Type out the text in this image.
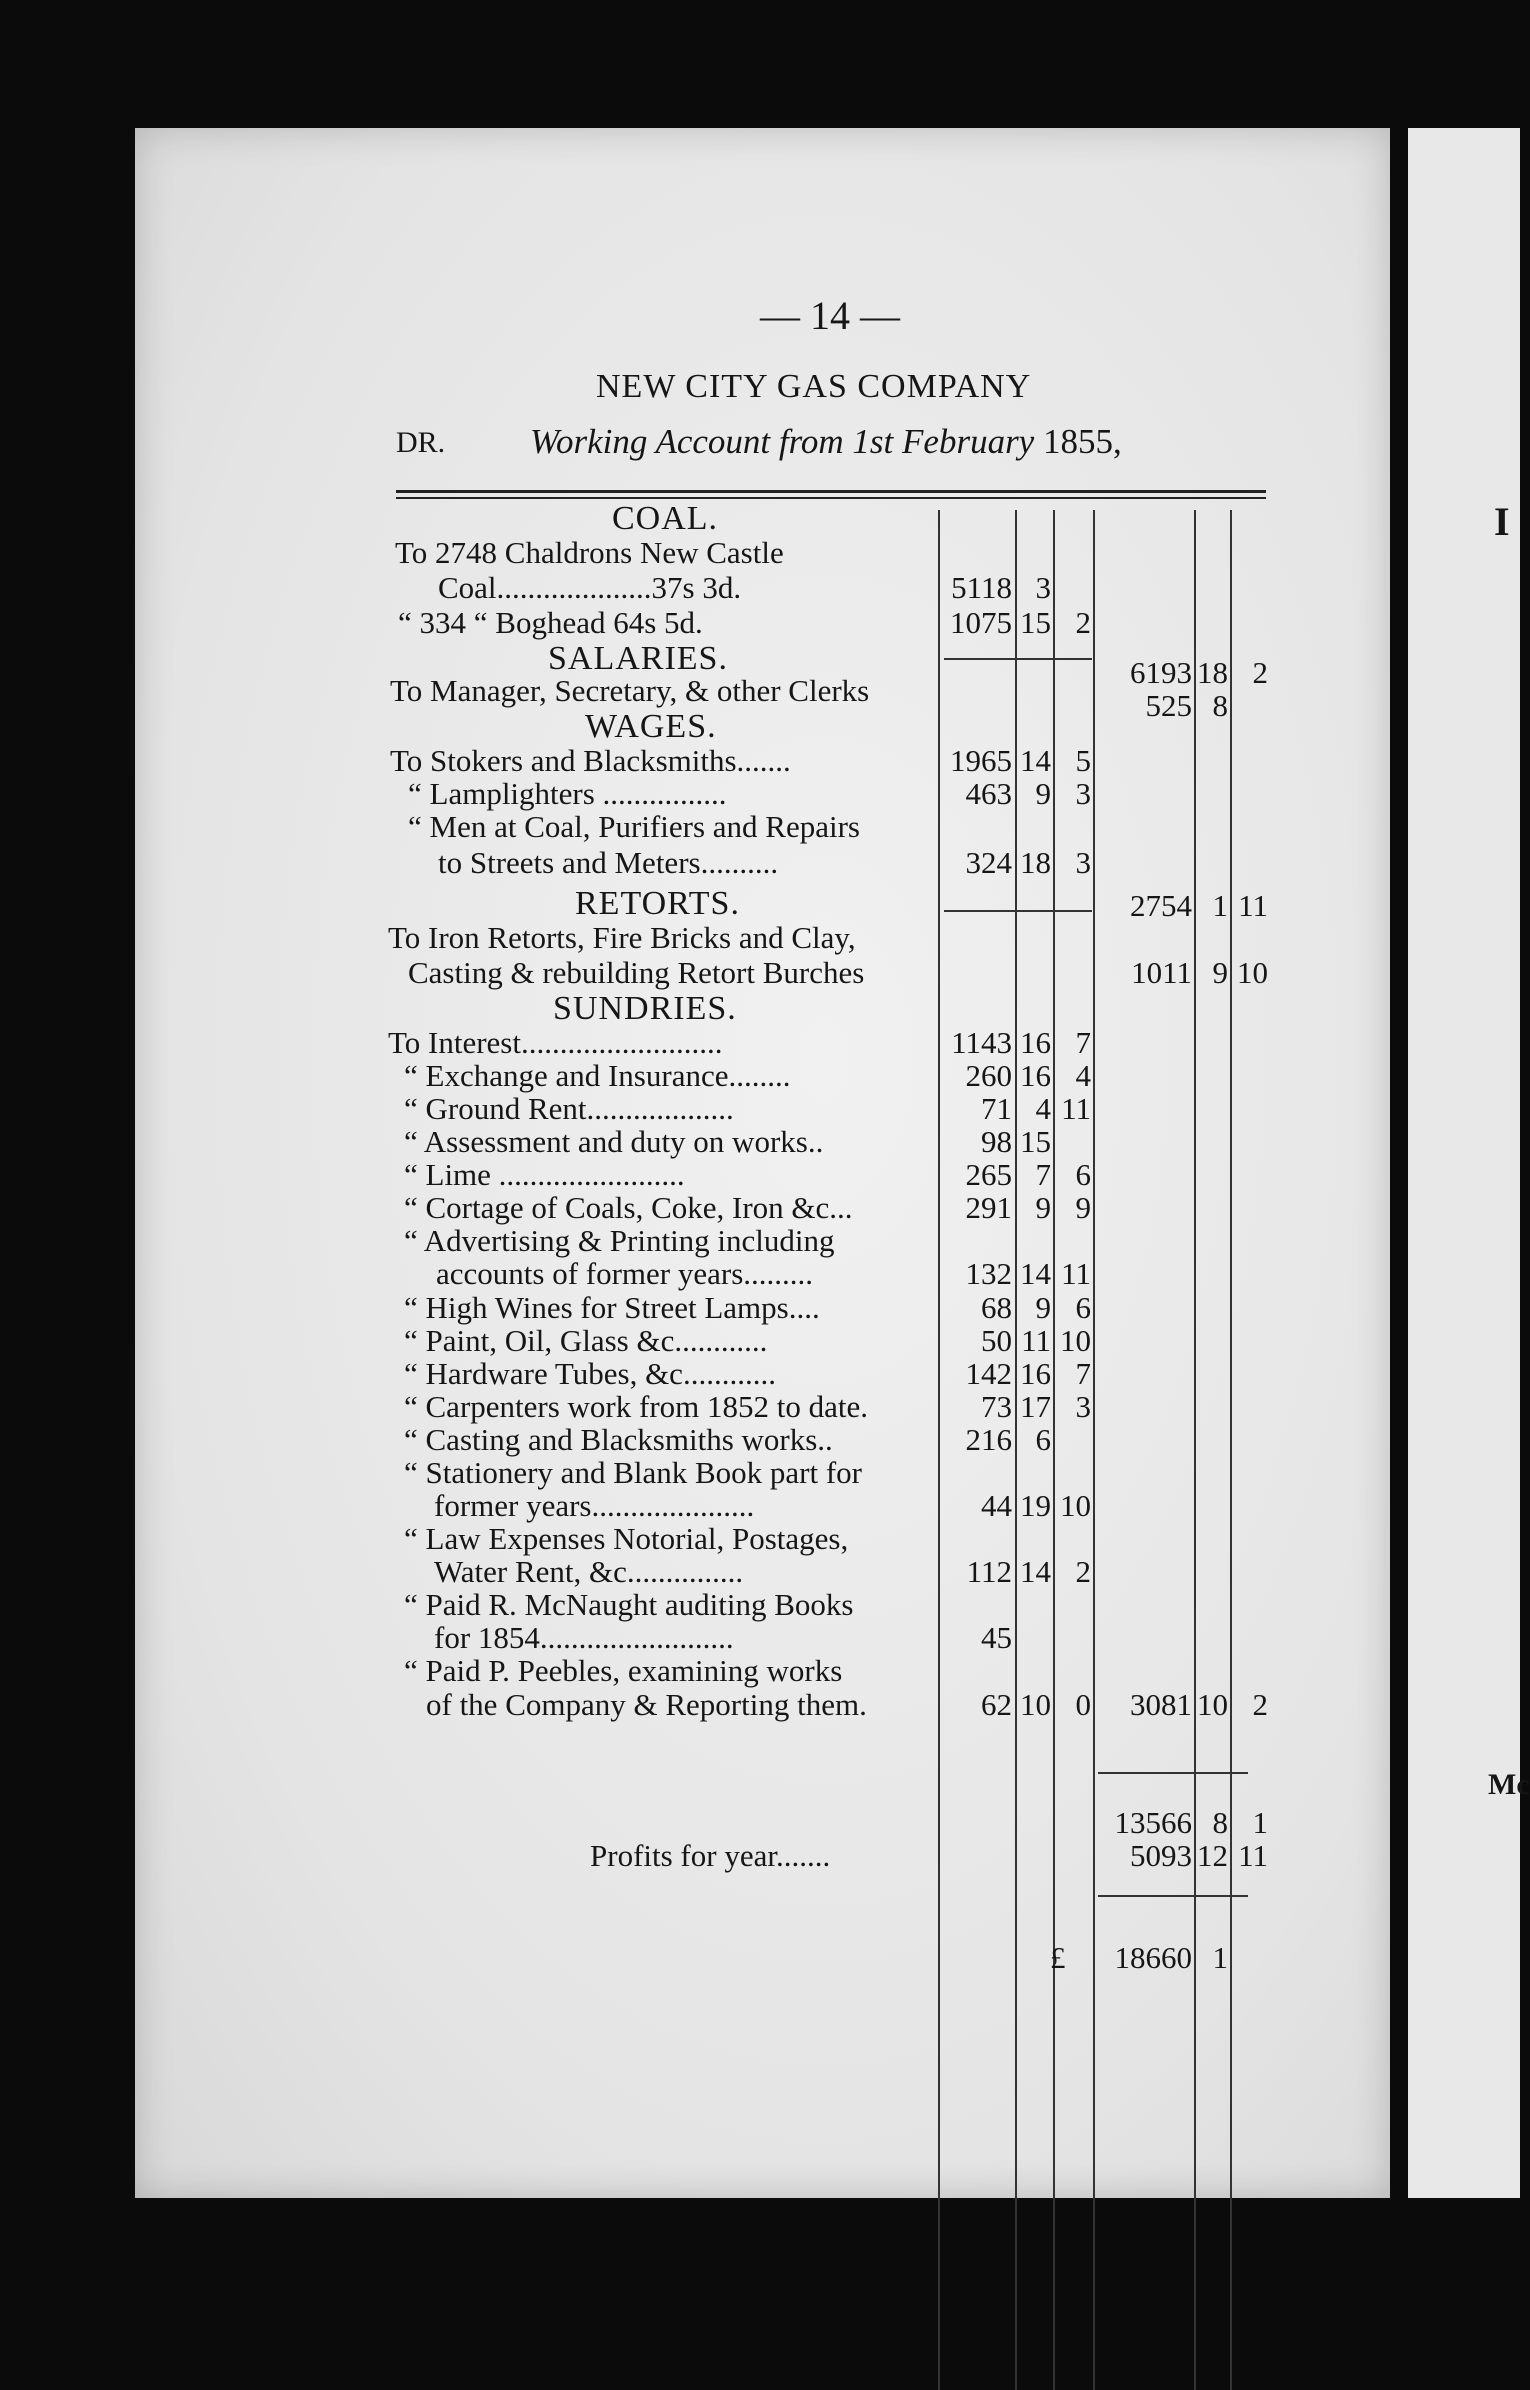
I
Mc
— 14 —
NEW CITY GAS COMPANY
DR. Working Account from 1st February 1855,
COAL.
SALARIES.
WAGES.
RETORTS.
SUNDRIES.
To 2748 Chaldrons New Castle
Coal....................37s 3d.
“ 334 “ Boghead 64s 5d.
To Manager, Secretary, & other Clerks
To Stokers and Blacksmiths.......
“ Lamplighters ................
“ Men at Coal, Purifiers and Repairs
to Streets and Meters..........
To Iron Retorts, Fire Bricks and Clay,
Casting & rebuilding Retort Burches
To Interest..........................
“ Exchange and Insurance........
“ Ground Rent...................
“ Assessment and duty on works..
“ Lime ........................
“ Cortage of Coals, Coke, Iron &c...
“ Advertising & Printing including
accounts of former years.........
“ High Wines for Street Lamps....
“ Paint, Oil, Glass &c............
“ Hardware Tubes, &c............
“ Carpenters work from 1852 to date.
“ Casting and Blacksmiths works..
“ Stationery and Blank Book part for
former years.....................
“ Law Expenses Notorial, Postages,
Water Rent, &c...............
“ Paid R. McNaught auditing Books
for 1854.........................
“ Paid P. Peebles, examining works
of the Company & Reporting them.
Profits for year.......
5118 3
1075 15 2
6193 18 2
525 8
1965 14 5
463 9 3
324 18 3
2754 1 11
1011 9 10
1143 16 7
260 16 4
71 4 11
98 15
265 7 6
291 9 9
132 14 11
68 9 6
50 11 10
142 16 7
73 17 3
216 6
44 19 10
112 14 2
45
62 10 0	3081 10 2
13566 8 1
5093 12 11
18660 1
£
